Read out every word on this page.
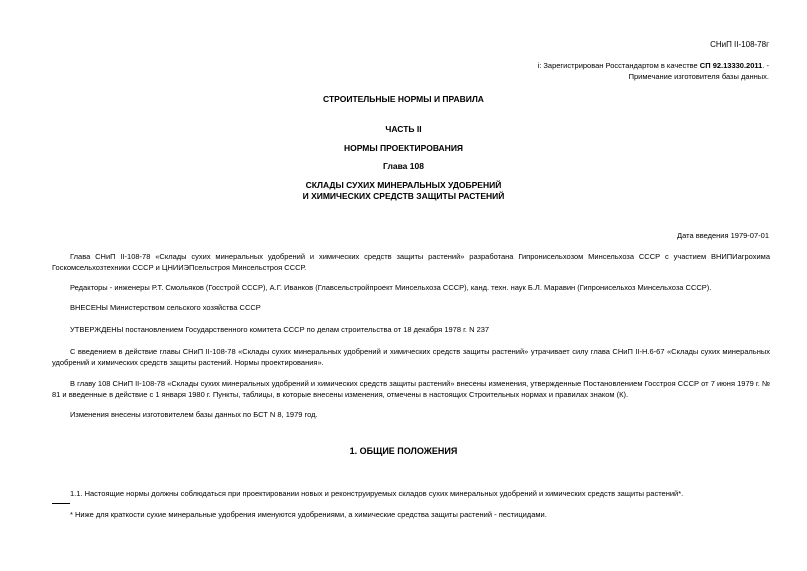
СНиП II-108-78г
i: Зарегистрирован Росстандартом в качестве СП 92.13330.2011. -
Примечание изготовителя базы данных.
СТРОИТЕЛЬНЫЕ НОРМЫ И ПРАВИЛА
ЧАСТЬ II
НОРМЫ ПРОЕКТИРОВАНИЯ
Глава 108
СКЛАДЫ СУХИХ МИНЕРАЛЬНЫХ УДОБРЕНИЙ
И ХИМИЧЕСКИХ СРЕДСТВ ЗАЩИТЫ РАСТЕНИЙ
Дата введения 1979-07-01
Глава СНиП II-108-78 «Склады сухих минеральных удобрений и химических средств защиты растений» разработана Гипронисельхозом Минсельхоза СССР с участием ВНИПИагрохима Госкомсельхозтехники СССР и ЦНИИЭПсельстроя Минсельстроя СССР.
Редакторы - инженеры Р.Т. Смольяков (Госстрой СССР), А.Г. Иванков (Главсельстройпроект Минсельхоза СССР), канд. техн. наук Б.Л. Маравин (Гипронисельхоз Минсельхоза СССР).
ВНЕСЕНЫ Министерством сельского хозяйства СССР
УТВЕРЖДЕНЫ постановлением Государственного комитета СССР по делам строительства от 18 декабря 1978 г. N 237
С введением в действие главы СНиП II-108-78 «Склады сухих минеральных удобрений и химических средств защиты растений» утрачивает силу глава СНиП II-Н.6-67 «Склады сухих минеральных удобрений и химических средств защиты растений. Нормы проектирования».
В главу 108 СНиП II-108-78 «Склады сухих минеральных удобрений и химических средств защиты растений» внесены изменения, утвержденные Постановлением Госстроя СССР от 7 июня 1979 г. № 81 и введенные в действие с 1 января 1980 г. Пункты, таблицы, в которые внесены изменения, отмечены в настоящих Строительных нормах и правилах знаком (К).
Изменения внесены изготовителем базы данных по БСТ N 8, 1979 год.
1. ОБЩИЕ ПОЛОЖЕНИЯ
1.1. Настоящие нормы должны соблюдаться при проектировании новых и реконструируемых складов сухих минеральных удобрений и химических средств защиты растений*.
* Ниже для краткости сухие минеральные удобрения именуются удобрениями, а химические средства защиты растений - пестицидами.
